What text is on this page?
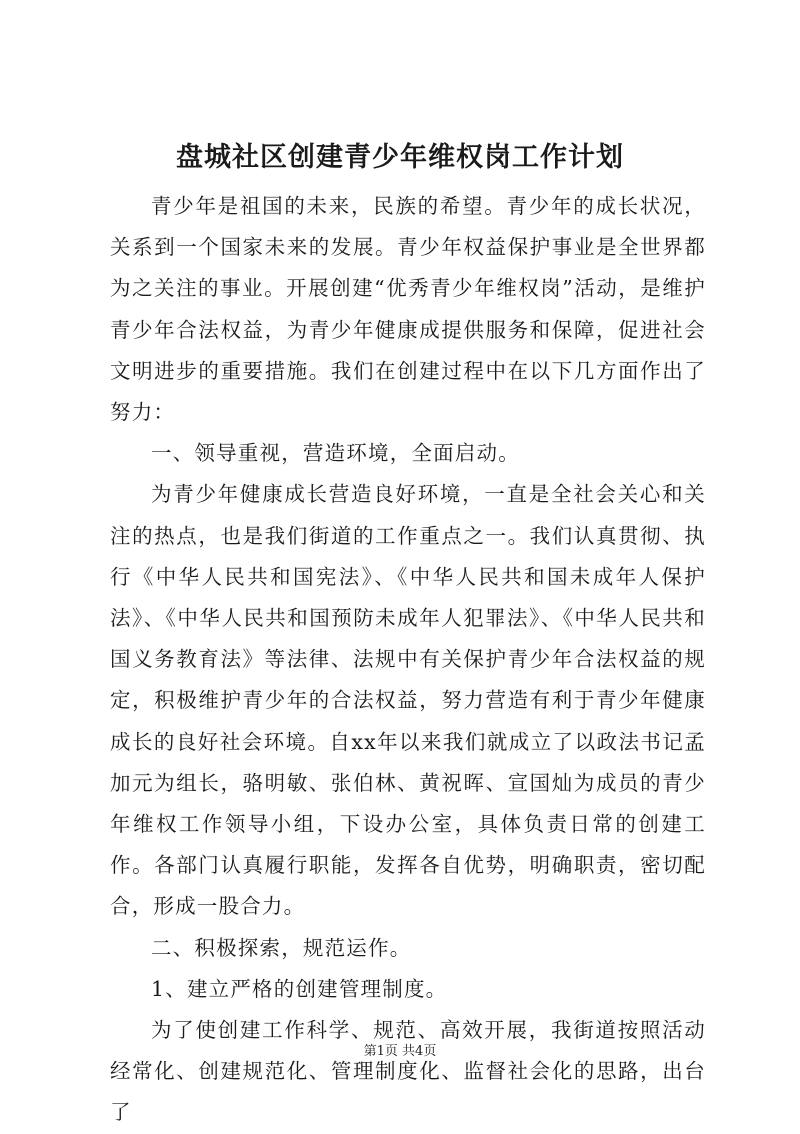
盘城社区创建青少年维权岗工作计划

青少年是祖国的未来，民族的希望。青少年的成长状况，关系到一个国家未来的发展。青少年权益保护事业是全世界都为之关注的事业。开展创建“优秀青少年维权岗”活动，是维护青少年合法权益，为青少年健康成提供服务和保障，促进社会文明进步的重要措施。我们在创建过程中在以下几方面作出了努力：

一、领导重视，营造环境，全面启动。

为青少年健康成长营造良好环境，一直是全社会关心和关注的热点，也是我们街道的工作重点之一。我们认真贯彻、执行《中华人民共和国宪法》、《中华人民共和国未成年人保护法》、《中华人民共和国预防未成年人犯罪法》、《中华人民共和国义务教育法》等法律、法规中有关保护青少年合法权益的规定，积极维护青少年的合法权益，努力营造有利于青少年健康成长的良好社会环境。自xx年以来我们就成立了以政法书记孟加元为组长，骆明敏、张伯林、黄祝晖、宣国灿为成员的青少年维权工作领导小组，下设办公室，具体负责日常的创建工作。各部门认真履行职能，发挥各自优势，明确职责，密切配合，形成一股合力。

二、积极探索，规范运作。

1、建立严格的创建管理制度。

为了使创建工作科学、规范、高效开展，我街道按照活动经常化、创建规范化、管理制度化、监督社会化的思路，出台了

第1页 共4页
